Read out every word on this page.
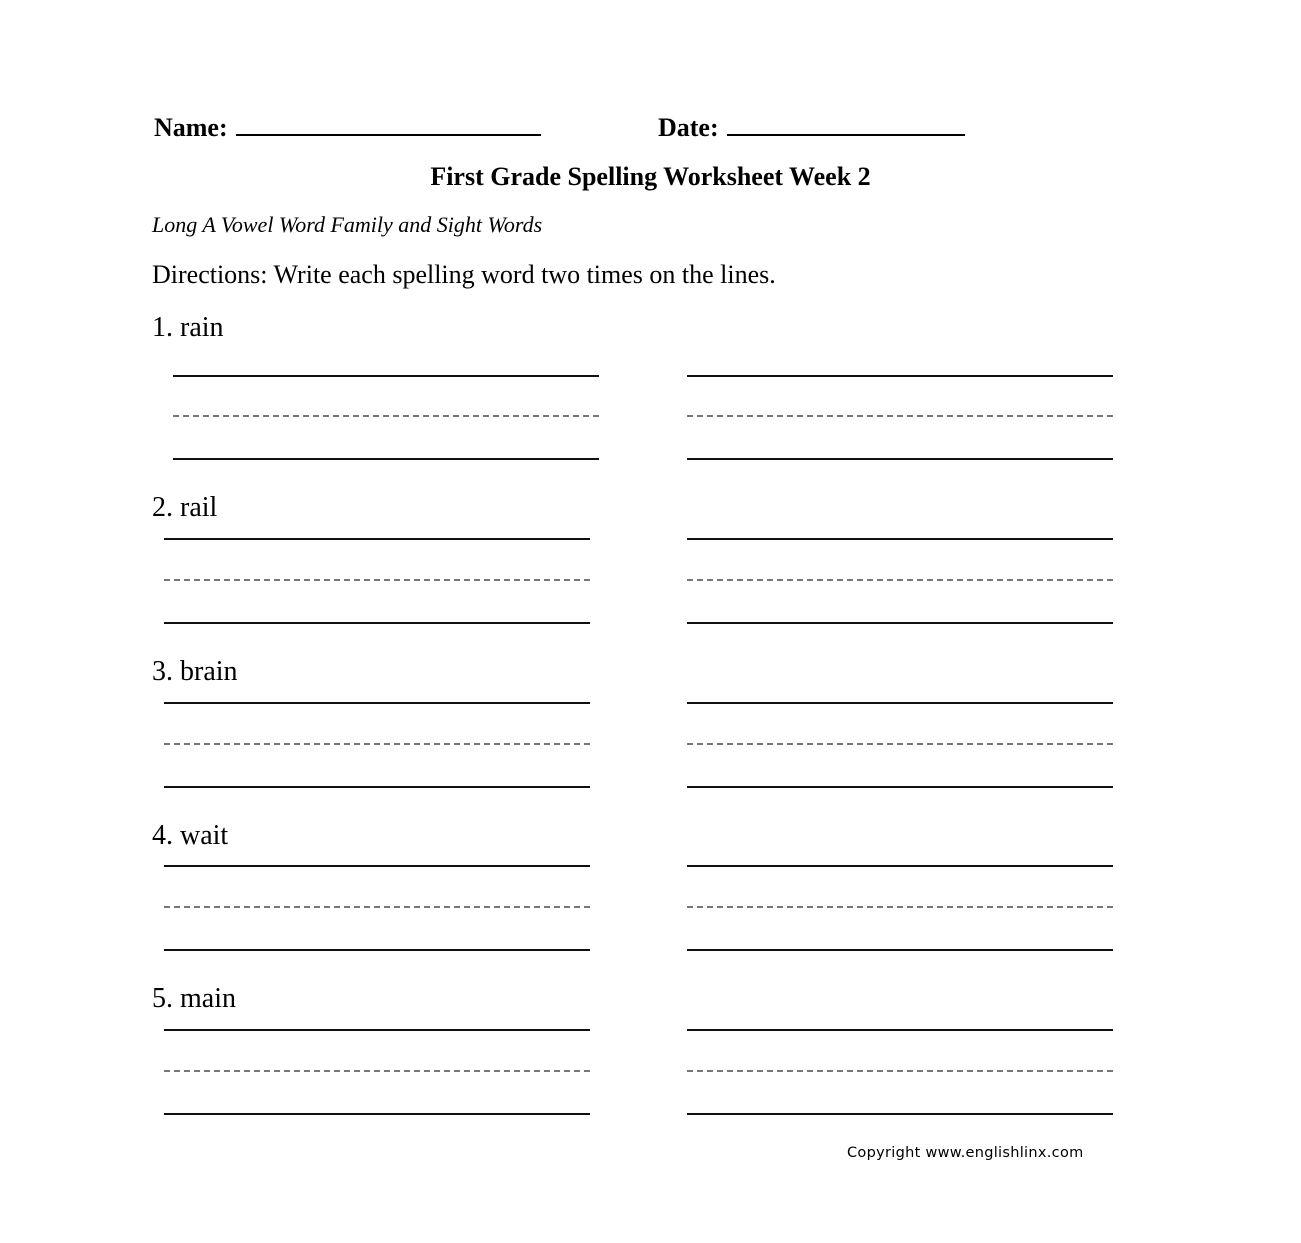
Name:	Date:
First Grade Spelling Worksheet Week 2
Long A Vowel Word Family and Sight Words
Directions: Write each spelling word two times on the lines.
1. rain
2. rail
3. brain
4. wait
5. main
Copyright www.englishlinx.com
